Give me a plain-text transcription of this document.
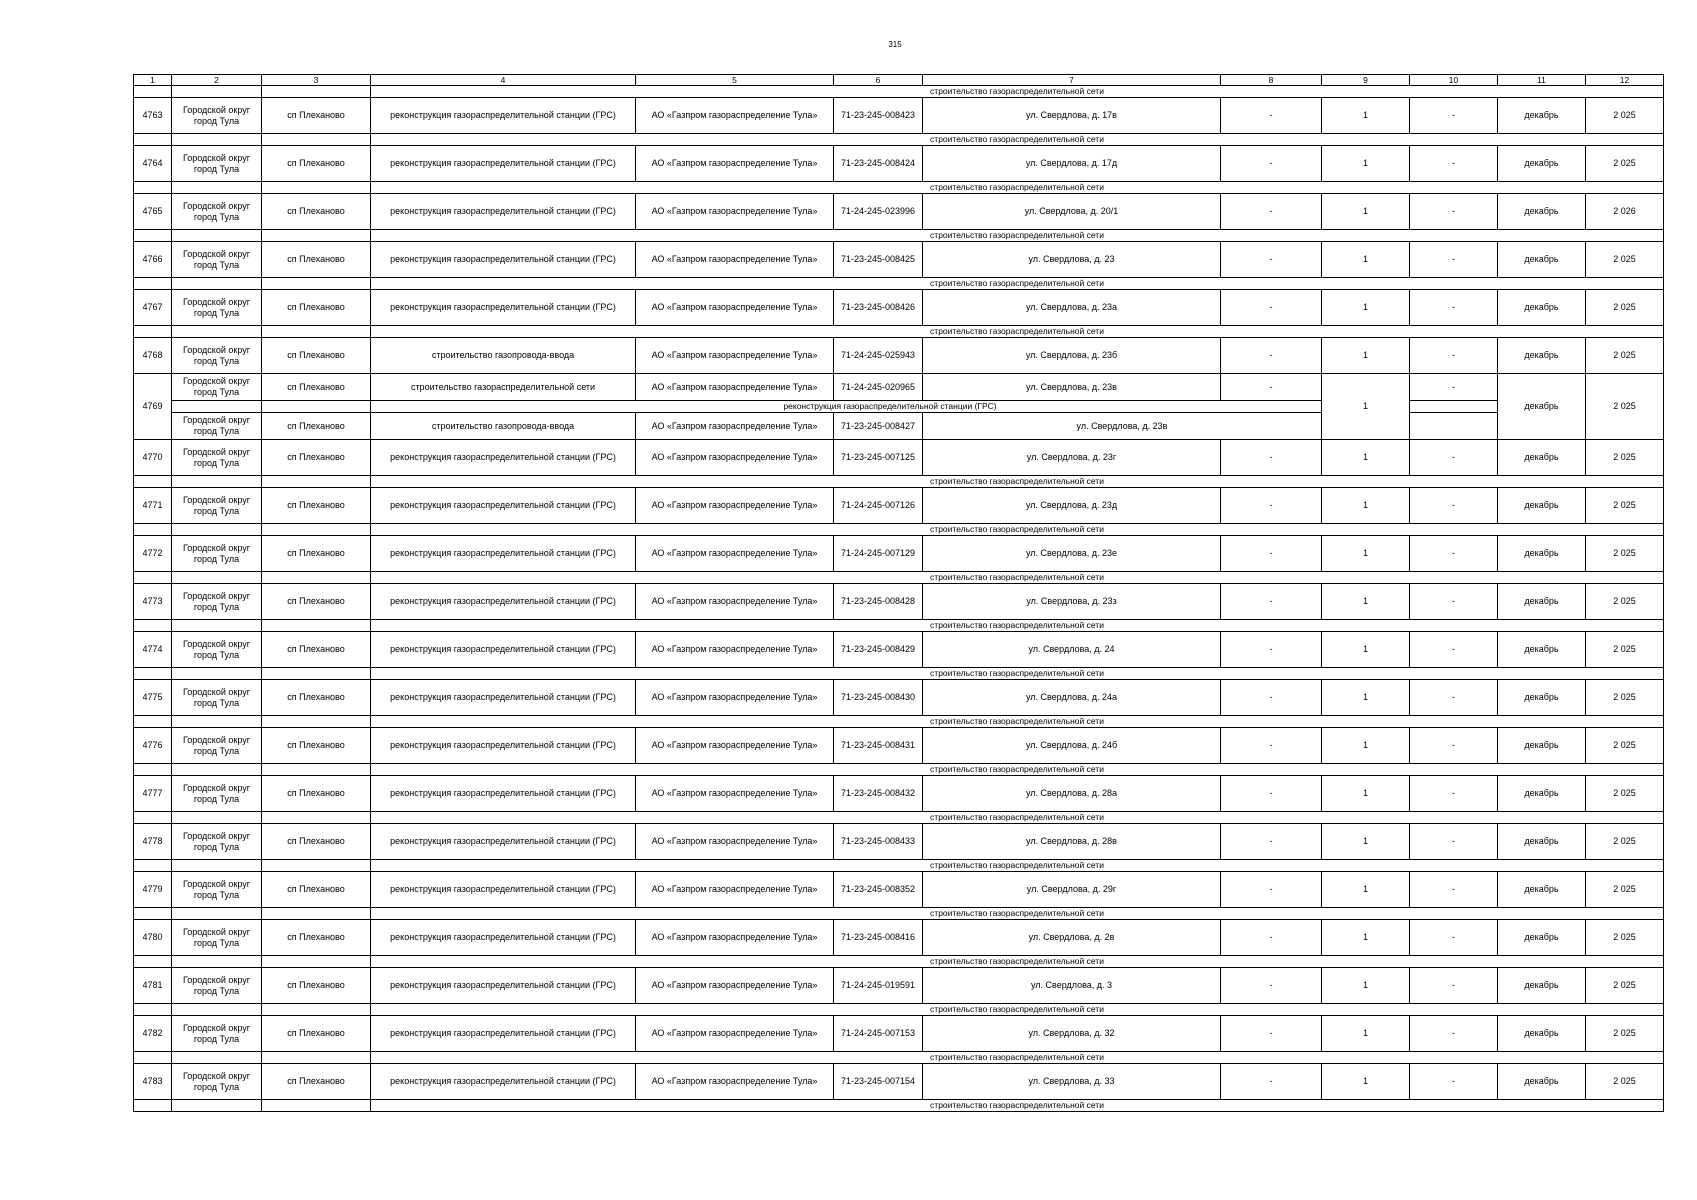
315
1	2	3	4	5	6	7	8	9	10	11	12
			строительство газораспределительной сети								
4763	Городской округ город Тула	сп Плеханово	реконструкция газораспределительной станции (ГРС)	АО «Газпром газораспределение Тула»	71-23-245-008423	ул. Свердлова, д. 17в	-	1	-	декабрь	2 025
			строительство газораспределительной сети								
4764	Городской округ город Тула	сп Плеханово	реконструкция газораспределительной станции (ГРС)	АО «Газпром газораспределение Тула»	71-23-245-008424	ул. Свердлова, д. 17д	-	1	-	декабрь	2 025
			строительство газораспределительной сети								
4765	Городской округ город Тула	сп Плеханово	реконструкция газораспределительной станции (ГРС)	АО «Газпром газораспределение Тула»	71-24-245-023996	ул. Свердлова, д. 20/1	-	1	-	декабрь	2 026
			строительство газораспределительной сети								
4766	Городской округ город Тула	сп Плеханово	реконструкция газораспределительной станции (ГРС)	АО «Газпром газораспределение Тула»	71-23-245-008425	ул. Свердлова, д. 23	-	1	-	декабрь	2 025
			строительство газораспределительной сети								
4767	Городской округ город Тула	сп Плеханово	реконструкция газораспределительной станции (ГРС)	АО «Газпром газораспределение Тула»	71-23-245-008426	ул. Свердлова, д. 23а	-	1	-	декабрь	2 025
			строительство газораспределительной сети								
4768	Городской округ город Тула	сп Плеханово	строительство газопровода-ввода	АО «Газпром газораспределение Тула»	71-24-245-025943	ул. Свердлова, д. 23б	-	1	-	декабрь	2 025
4769	Городской округ город Тула	сп Плеханово	строительство газораспределительной сети	АО «Газпром газораспределение Тула»	71-24-245-020965	ул. Свердлова, д. 23в	-	1	-	декабрь	2 025
			реконструкция газораспределительной станции (ГРС)								
	Городской округ город Тула	сп Плеханово	строительство газопровода-ввода	АО «Газпром газораспределение Тула»	71-23-245-008427	ул. Свердлова, д. 23в					
4770	Городской округ город Тула	сп Плеханово	реконструкция газораспределительной станции (ГРС)	АО «Газпром газораспределение Тула»	71-23-245-007125	ул. Свердлова, д. 23г	-	1	-	декабрь	2 025
			строительство газораспределительной сети								
4771	Городской округ город Тула	сп Плеханово	реконструкция газораспределительной станции (ГРС)	АО «Газпром газораспределение Тула»	71-24-245-007126	ул. Свердлова, д. 23д	-	1	-	декабрь	2 025
			строительство газораспределительной сети								
4772	Городской округ город Тула	сп Плеханово	реконструкция газораспределительной станции (ГРС)	АО «Газпром газораспределение Тула»	71-24-245-007129	ул. Свердлова, д. 23е	-	1	-	декабрь	2 025
			строительство газораспределительной сети								
4773	Городской округ город Тула	сп Плеханово	реконструкция газораспределительной станции (ГРС)	АО «Газпром газораспределение Тула»	71-23-245-008428	ул. Свердлова, д. 23з	-	1	-	декабрь	2 025
			строительство газораспределительной сети								
4774	Городской округ город Тула	сп Плеханово	реконструкция газораспределительной станции (ГРС)	АО «Газпром газораспределение Тула»	71-23-245-008429	ул. Свердлова, д. 24	-	1	-	декабрь	2 025
			строительство газораспределительной сети								
4775	Городской округ город Тула	сп Плеханово	реконструкция газораспределительной станции (ГРС)	АО «Газпром газораспределение Тула»	71-23-245-008430	ул. Свердлова, д. 24а	-	1	-	декабрь	2 025
			строительство газораспределительной сети								
4776	Городской округ город Тула	сп Плеханово	реконструкция газораспределительной станции (ГРС)	АО «Газпром газораспределение Тула»	71-23-245-008431	ул. Свердлова, д. 24б	-	1	-	декабрь	2 025
			строительство газораспределительной сети								
4777	Городской округ город Тула	сп Плеханово	реконструкция газораспределительной станции (ГРС)	АО «Газпром газораспределение Тула»	71-23-245-008432	ул. Свердлова, д. 28а	-	1	-	декабрь	2 025
			строительство газораспределительной сети								
4778	Городской округ город Тула	сп Плеханово	реконструкция газораспределительной станции (ГРС)	АО «Газпром газораспределение Тула»	71-23-245-008433	ул. Свердлова, д. 28в	-	1	-	декабрь	2 025
			строительство газораспределительной сети								
4779	Городской округ город Тула	сп Плеханово	реконструкция газораспределительной станции (ГРС)	АО «Газпром газораспределение Тула»	71-23-245-008352	ул. Свердлова, д. 29г	-	1	-	декабрь	2 025
			строительство газораспределительной сети								
4780	Городской округ город Тула	сп Плеханово	реконструкция газораспределительной станции (ГРС)	АО «Газпром газораспределение Тула»	71-23-245-008416	ул. Свердлова, д. 2в	-	1	-	декабрь	2 025
			строительство газораспределительной сети								
4781	Городской округ город Тула	сп Плеханово	реконструкция газораспределительной станции (ГРС)	АО «Газпром газораспределение Тула»	71-24-245-019591	ул. Свердлова, д. 3	-	1	-	декабрь	2 025
			строительство газораспределительной сети								
4782	Городской округ город Тула	сп Плеханово	реконструкция газораспределительной станции (ГРС)	АО «Газпром газораспределение Тула»	71-24-245-007153	ул. Свердлова, д. 32	-	1	-	декабрь	2 025
			строительство газораспределительной сети								
4783	Городской округ город Тула	сп Плеханово	реконструкция газораспределительной станции (ГРС)	АО «Газпром газораспределение Тула»	71-23-245-007154	ул. Свердлова, д. 33	-	1	-	декабрь	2 025
			строительство газораспределительной сети								
